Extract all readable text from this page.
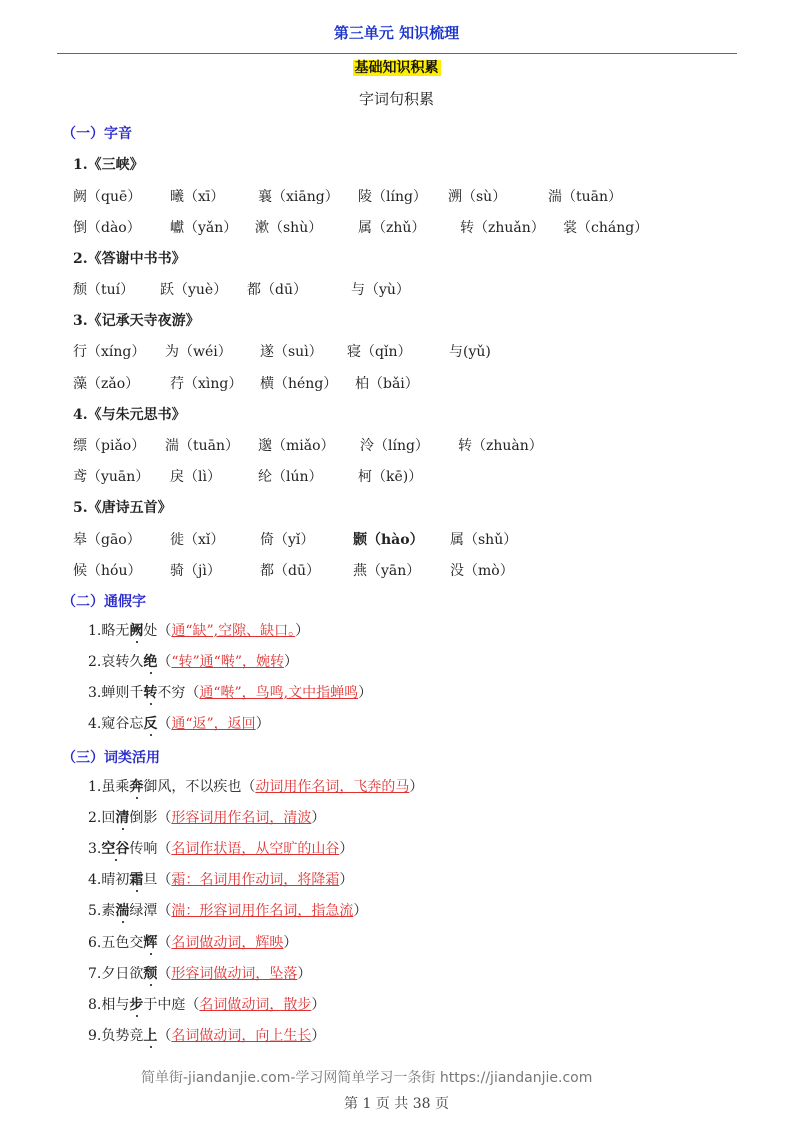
第三单元 知识梳理
基础知识积累
字词句积累
（一）字音
1.《三峡》
阙（quē） 曦（xī） 襄（xiāng） 陵（líng） 溯（sù）	湍（tuān）
倒（dào） 巘（yǎn） 漱（shù）	属（zhǔ） 转（zhuǎn） 裳（cháng）
2.《答谢中书书》
颓（tuí） 跃（yuè） 都（dū）	与（yù）
3.《记承天寺夜游》
行（xíng） 为（wéi） 遂（suì） 寝（qǐn）	与(yǔ)
藻（zǎo） 荇（xìng） 横（héng） 柏（bǎi）
4.《与朱元思书》
缥（piǎo） 湍（tuān） 邈（miǎo） 泠（líng） 转（zhuàn）
鸢（yuān） 戾（lì）	纶（lún）	柯（kē)）
5.《唐诗五首》
皋（gāo） 徙（xǐ）	倚（yǐ）	颢（hào） 属（shǔ）
候（hóu） 骑（jì）	都（dū） 燕（yān） 没（mò）
（二）通假字
1.略无阙处（通“缺”,空隙、缺口。）
2.哀转久绝（“转”通“啭”，婉转）
3.蝉则千转不穷（通“啭”，鸟鸣,文中指蝉鸣）
4.窥谷忘反（通“返”，返回）
（三）词类活用
1.虽乘奔御风，不以疾也（动词用作名词，飞奔的马）
2.回清倒影（形容词用作名词，清波）
3.空谷传响（名词作状语，从空旷的山谷）
4.晴初霜旦（霜：名词用作动词，将降霜）
5.素湍绿潭（湍：形容词用作名词，指急流）
6.五色交辉（名词做动词，辉映）
7.夕日欲颓（形容词做动词，坠落）
8.相与步于中庭（名词做动词，散步）
9.负势竞上（名词做动词，向上生长）
简单街-jiandanjie.com-学习网简单学习一条街 https://jiandanjie.com
第 1 页 共 38 页
